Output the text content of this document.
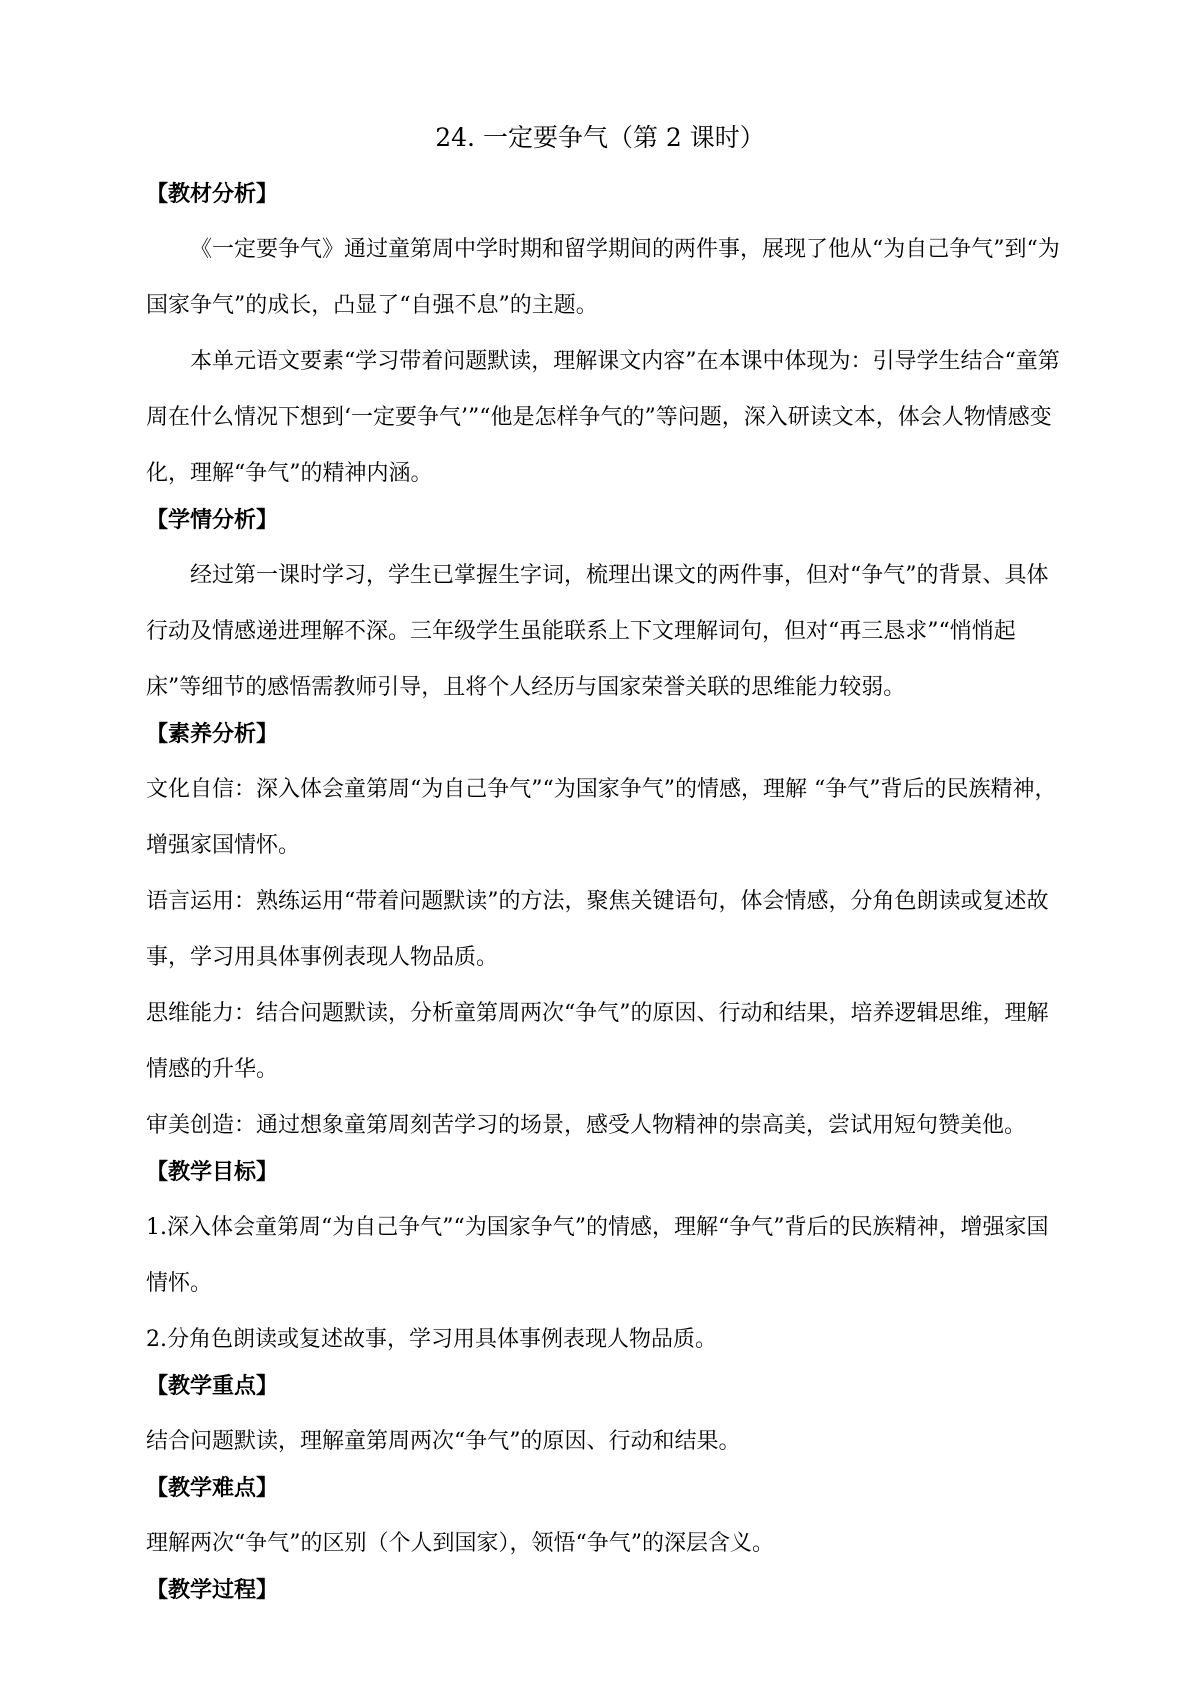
24. 一定要争气（第 2 课时）
【教材分析】

《一定要争气》通过童第周中学时期和留学期间的两件事，展现了他从“为自己争气”到“为国家争气”的成长，凸显了“自强不息”的主题。

本单元语文要素“学习带着问题默读，理解课文内容”在本课中体现为：引导学生结合“童第周在什么情况下想到‘一定要争气’”“他是怎样争气的”等问题，深入研读文本，体会人物情感变化，理解“争气”的精神内涵。

【学情分析】

经过第一课时学习，学生已掌握生字词，梳理出课文的两件事，但对“争气”的背景、具体行动及情感递进理解不深。三年级学生虽能联系上下文理解词句，但对“再三恳求”“悄悄起床”等细节的感悟需教师引导，且将个人经历与国家荣誉关联的思维能力较弱。

【素养分析】

文化自信：深入体会童第周“为自己争气”“为国家争气”的情感，理解 “争气”背后的民族精神，增强家国情怀。

语言运用：熟练运用“带着问题默读”的方法，聚焦关键语句，体会情感，分角色朗读或复述故事，学习用具体事例表现人物品质。

思维能力：结合问题默读，分析童第周两次“争气”的原因、行动和结果，培养逻辑思维，理解情感的升华。

审美创造：通过想象童第周刻苦学习的场景，感受人物精神的崇高美，尝试用短句赞美他。

【教学目标】

1.深入体会童第周“为自己争气”“为国家争气”的情感，理解“争气”背后的民族精神，增强家国情怀。

2.分角色朗读或复述故事，学习用具体事例表现人物品质。

【教学重点】

结合问题默读，理解童第周两次“争气”的原因、行动和结果。

【教学难点】

理解两次“争气”的区别（个人到国家），领悟“争气”的深层含义。

【教学过程】
